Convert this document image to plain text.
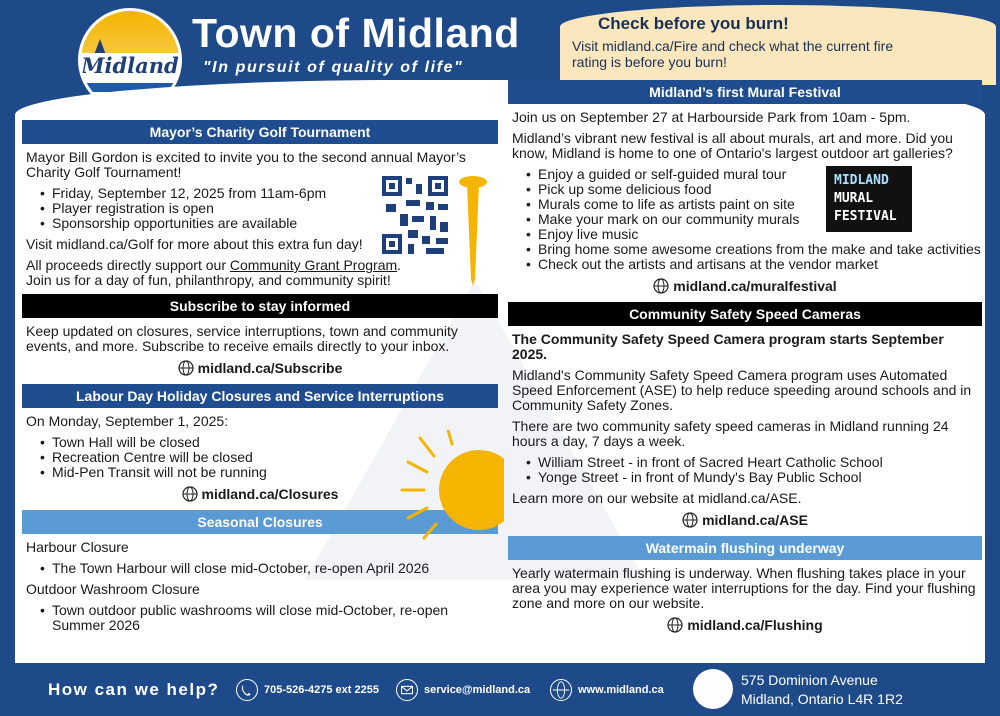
Midland
Town of Midland
"In pursuit of quality of life"
Check before you burn!
Visit midland.ca/Fire and check what the current fire rating is before you burn!
Mayor’s Charity Golf Tournament

Mayor Bill Gordon is excited to invite you to the second annual Mayor’s Charity Golf Tournament!

• Friday, September 12, 2025 from 11am-6pm
• Player registration is open
• Sponsorship opportunities are available

Visit midland.ca/Golf for more about this extra fun day!

All proceeds directly support our Community Grant Program.
Join us for a day of fun, philanthropy, and community spirit!

Subscribe to stay informed

Keep updated on closures, service interruptions, town and community events, and more. Subscribe to receive emails directly to your inbox.

midland.ca/Subscribe
Labour Day Holiday Closures and Service Interruptions

On Monday, September 1, 2025:

• Town Hall will be closed
• Recreation Centre will be closed
• Mid-Pen Transit will not be running
midland.ca/Closures
Seasonal Closures

Harbour Closure

• The Town Harbour will close mid-October, re-open April 2026

Outdoor Washroom Closure

• Town outdoor public washrooms will close mid-October, re-open Summer 2026
Midland’s first Mural Festival

Join us on September 27 at Harbourside Park from 10am - 5pm.

Midland’s vibrant new festival is all about murals, art and more. Did you know, Midland is home to one of Ontario's largest outdoor art galleries?

• Enjoy a guided or self-guided mural tour
• Pick up some delicious food
• Murals come to life as artists paint on site
• Make your mark on our community murals
• Enjoy live music
• Bring home some awesome creations from the make and take activities
• Check out the artists and artisans at the vendor market
midland.ca/muralfestival
MIDLAND
MURAL
FESTIVAL
Community Safety Speed Cameras

The Community Safety Speed Camera program starts September 2025.

Midland's Community Safety Speed Camera program uses Automated Speed Enforcement (ASE) to help reduce speeding around schools and in Community Safety Zones.

There are two community safety speed cameras in Midland running 24 hours a day, 7 days a week.

• William Street - in front of Sacred Heart Catholic School
• Yonge Street - in front of Mundy's Bay Public School

Learn more on our website at midland.ca/ASE.

midland.ca/ASE
Watermain flushing underway

Yearly watermain flushing is underway. When flushing takes place in your area you may experience water interruptions for the day. Find your flushing zone and more on our website.

midland.ca/Flushing
How can we help?	705-526-4275 ext 2255	service@midland.ca	www.midland.ca
575 Dominion Avenue
Midland, Ontario L4R 1R2
